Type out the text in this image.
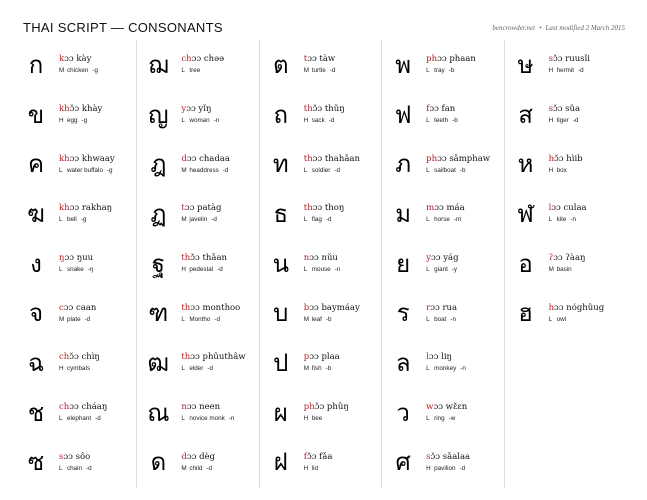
THAI SCRIPT — CONSONANTS	bencrowder.net • Last modified 2 March 2015
ก	kɔɔ kày
M chicken -g
ข	khɔ̌ɔ khày
H egg -g
ค	khɔɔ khwaay
L water buffalo -g
ฆ	khɔɔ rakhaŋ
L bell -g
ง	ŋɔɔ ŋuu
L snake -ŋ
จ	cɔɔ caan
M plate -d
ฉ	chɔ̌ɔ chìŋ
H cymbals
ช	chɔɔ cháaŋ
L elephant -d
ซ	sɔɔ sôo
L chain -d
ฌ	chɔɔ chəə
L tree
ญ	yɔɔ yǐŋ
L woman -n
ฎ	dɔɔ chadaa
M headdress -d
ฏ	tɔɔ patàg
M javelin -d
ฐ	thɔ̌ɔ thǎan
H pedestal -d
ฑ	thɔɔ monthoo
L Montho -d
ฒ	thɔɔ phûuthâw
L elder -d
ณ	nɔɔ neen
L novice monk -n
ด	dɔɔ dèg
M child -d
ต	tɔɔ tàw
M turtle -d
ถ	thɔ̌ɔ thǔŋ
H sack -d
ท	thɔɔ thahǎan
L soldier -d
ธ	thɔɔ thoŋ
L flag -d
น	nɔɔ nǔu
L mouse -n
บ	bɔɔ baymáay
M leaf -b
ป	pɔɔ plaa
M fish -b
ผ	phɔ̌ɔ phûŋ
H bee
ฝ	fɔ̌ɔ fǎa
H lid
พ	phɔɔ phaan
L tray -b
ฟ	fɔɔ fan
L teeth -b
ภ	phɔɔ sǎmphaw
L sailboat -b
ม	mɔɔ máa
L horse -m
ย	yɔɔ yág
L giant -y
ร	rɔɔ rua
L boat -n
ล	lɔɔ liŋ
L monkey -n
ว	wɔɔ wɛ̌ɛn
L ring -w
ศ	sɔ̌ɔ sǎalaa
H pavilion -d
ษ	sɔ̌ɔ ruusǐi
H hermit -d
ส	sɔ̌ɔ sǔa
H tiger -d
ห	hɔ̌ɔ hìib
H box
ฬ	lɔɔ culaa
L kite -n
อ	ʔɔɔ ʔàaŋ
M basin
ฮ	hɔɔ nóghûug
L owl
